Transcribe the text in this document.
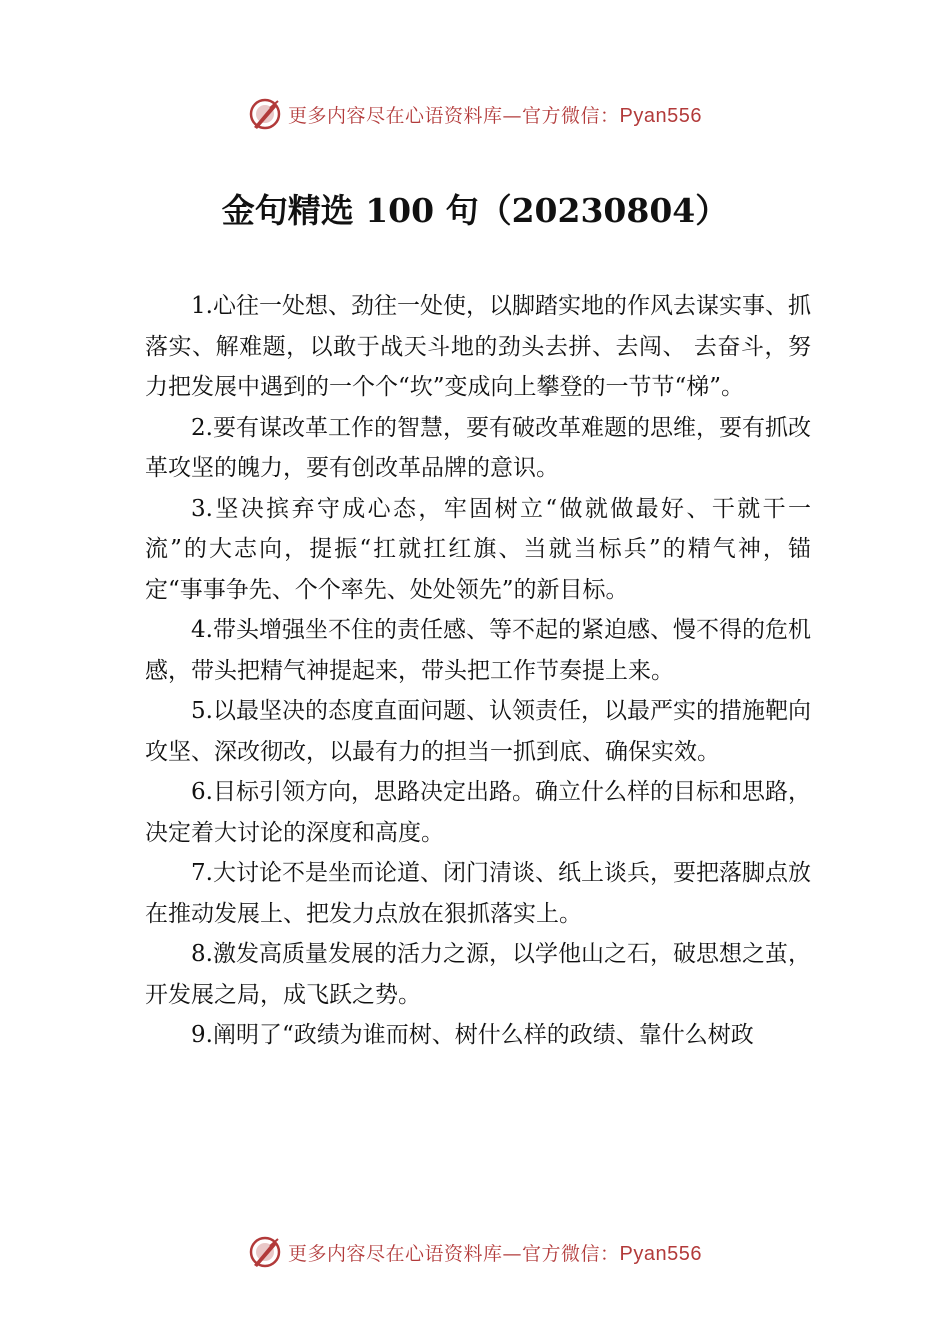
更多内容尽在心语资料库—官方微信：Pyan556
金句精选 100 句（20230804）

1.心往一处想、劲往一处使，以脚踏实地的作风去谋实事、抓落实、解难题，以敢于战天斗地的劲头去拼、去闯、 去奋斗，努力把发展中遇到的一个个“坎”变成向上攀登的一节节“梯”。

2.要有谋改革工作的智慧，要有破改革难题的思维，要有抓改革攻坚的魄力，要有创改革品牌的意识。

3.坚决摈弃守成心态，牢固树立“做就做最好、干就干一流”的大志向，提振“扛就扛红旗、当就当标兵”的精气神，锚定“事事争先、个个率先、处处领先”的新目标。

4.带头增强坐不住的责任感、等不起的紧迫感、慢不得的危机感，带头把精气神提起来，带头把工作节奏提上来。

5.以最坚决的态度直面问题、认领责任，以最严实的措施靶向攻坚、深改彻改，以最有力的担当一抓到底、确保实效。

6.目标引领方向，思路决定出路。确立什么样的目标和思路，决定着大讨论的深度和高度。

7.大讨论不是坐而论道、闭门清谈、纸上谈兵，要把落脚点放在推动发展上、把发力点放在狠抓落实上。

8.激发高质量发展的活力之源，以学他山之石，破思想之茧，开发展之局，成飞跃之势。

9.阐明了“政绩为谁而树、树什么样的政绩、靠什么树政

更多内容尽在心语资料库—官方微信：Pyan556
